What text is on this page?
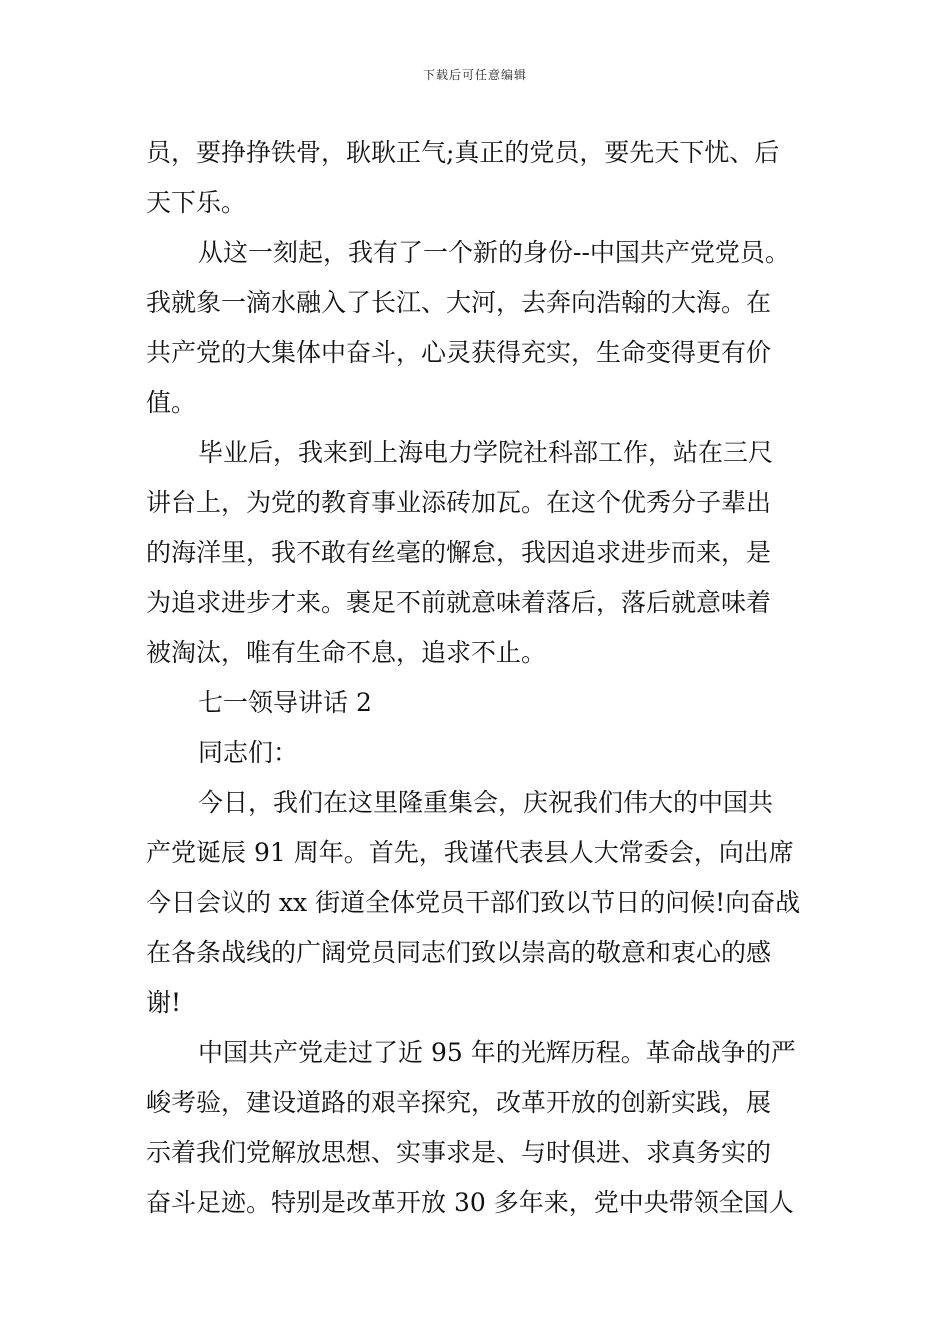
下载后可任意编辑
员，要挣挣铁骨，耿耿正气;真正的党员，要先天下忧、后
天下乐。
从这一刻起，我有了一个新的身份--中国共产党党员。
我就象一滴水融入了长江、大河，去奔向浩翰的大海。在
共产党的大集体中奋斗，心灵获得充实，生命变得更有价
值。
毕业后，我来到上海电力学院社科部工作，站在三尺
讲台上，为党的教育事业添砖加瓦。在这个优秀分子辈出
的海洋里，我不敢有丝毫的懈怠，我因追求进步而来，是
为追求进步才来。裹足不前就意味着落后，落后就意味着
被淘汰，唯有生命不息，追求不止。
七一领导讲话 2
同志们：
今日，我们在这里隆重集会，庆祝我们伟大的中国共
产党诞辰 91 周年。首先，我谨代表县人大常委会，向出席
今日会议的 xx 街道全体党员干部们致以节日的问候!向奋战
在各条战线的广阔党员同志们致以崇高的敬意和衷心的感
谢!
中国共产党走过了近 95 年的光辉历程。革命战争的严
峻考验，建设道路的艰辛探究，改革开放的创新实践，展
示着我们党解放思想、实事求是、与时俱进、求真务实的
奋斗足迹。特别是改革开放 30 多年来，党中央带领全国人
